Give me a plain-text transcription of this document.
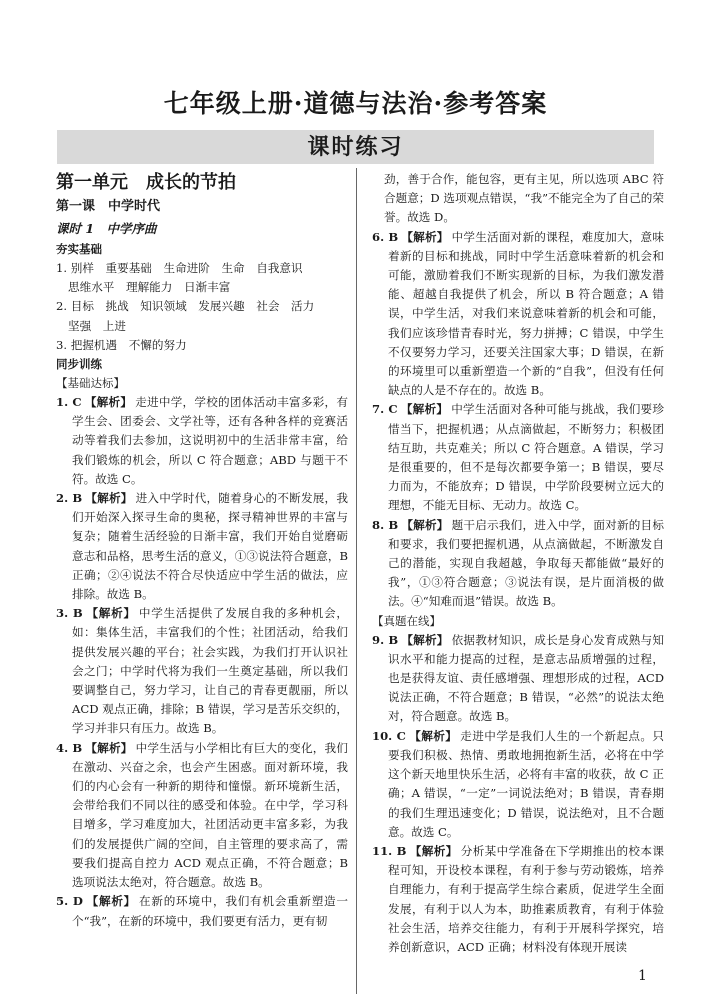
七年级上册·道德与法治·参考答案
课时练习

第一单元　成长的节拍

第一课　中学时代

课时 1　中学序曲

夯实基础

1. 别样　重要基础　生命进阶　生命　自我意识

思维水平　理解能力　日渐丰富

2. 目标　挑战　知识领域　发展兴趣　社会　活力

坚强　上进

3. 把握机遇　不懈的努力

同步训练

【基础达标】

1. C 【解析】 走进中学，学校的团体活动丰富多彩，有学生会、团委会、文学社等，还有各种各样的竞赛活动等着我们去参加，这说明初中的生活非常丰富，给我们锻炼的机会，所以 C 符合题意；ABD 与题干不符。故选 C。

2. B 【解析】 进入中学时代，随着身心的不断发展，我们开始深入探寻生命的奥秘，探寻精神世界的丰富与复杂；随着生活经验的日渐丰富，我们开始自觉磨砺意志和品格，思考生活的意义，①③说法符合题意，B 正确；②④说法不符合尽快适应中学生活的做法，应排除。故选 B。

3. B 【解析】 中学生活提供了发展自我的多种机会，如：集体生活，丰富我们的个性；社团活动，给我们提供发展兴趣的平台；社会实践，为我们打开认识社会之门；中学时代将为我们一生奠定基础，所以我们要调整自己，努力学习，让自己的青春更靓丽，所以 ACD 观点正确，排除；B 错误，学习是苦乐交织的，学习并非只有压力。故选 B。

4. B 【解析】 中学生活与小学相比有巨大的变化，我们在激动、兴奋之余，也会产生困惑。面对新环境，我们的内心会有一种新的期待和憧憬。新环境新生活，会带给我们不同以往的感受和体验。在中学，学习科目增多，学习难度加大，社团活动更丰富多彩，为我们的发展提供广阔的空间，自主管理的要求高了，需要我们提高自控力 ACD 观点正确，不符合题意；B 选项说法太绝对，符合题意。故选 B。

5. D 【解析】 在新的环境中，我们有机会重新塑造一个“我”，在新的环境中，我们要更有活力，更有韧

劲，善于合作，能包容，更有主见，所以选项 ABC 符合题意；D 选项观点错误，“我”不能完全为了自己的荣誉。故选 D。

6. B 【解析】 中学生活面对新的课程，难度加大，意味着新的目标和挑战，同时中学生活意味着新的机会和可能，激励着我们不断实现新的目标，为我们激发潜能、超越自我提供了机会，所以 B 符合题意；A 错误，中学生活，对我们来说意味着新的机会和可能，我们应该珍惜青春时光，努力拼搏；C 错误，中学生不仅要努力学习，还要关注国家大事；D 错误，在新的环境里可以重新塑造一个新的“自我”，但没有任何缺点的人是不存在的。故选 B。

7. C 【解析】 中学生活面对各种可能与挑战，我们要珍惜当下，把握机遇；从点滴做起，不断努力；积极团结互助，共克难关；所以 C 符合题意。A 错误，学习是很重要的，但不是每次都要争第一；B 错误，要尽力而为，不能放弃；D 错误，中学阶段要树立远大的理想，不能无目标、无动力。故选 C。

8. B 【解析】 题干启示我们，进入中学，面对新的目标和要求，我们要把握机遇，从点滴做起，不断激发自己的潜能，实现自我超越，争取每天都能做“最好的我”，①③符合题意；③说法有误，是片面消极的做法。④“知难而退”错误。故选 B。

【真题在线】

9. B 【解析】 依据教材知识，成长是身心发育成熟与知识水平和能力提高的过程，是意志品质增强的过程，也是获得友谊、责任感增强、理想形成的过程，ACD 说法正确，不符合题意；B 错误，“必然”的说法太绝对，符合题意。故选 B。

10. C 【解析】 走进中学是我们人生的一个新起点。只要我们积极、热情、勇敢地拥抱新生活，必将在中学这个新天地里快乐生活，必将有丰富的收获，故 C 正确；A 错误，“一定”一词说法绝对；B 错误，青春期的我们生理迅速变化；D 错误，说法绝对，且不合题意。故选 C。

11. B 【解析】 分析某中学准备在下学期推出的校本课程可知，开设校本课程，有利于参与劳动锻炼，培养自理能力，有利于提高学生综合素质，促进学生全面发展，有利于以人为本，助推素质教育，有利于体验社会生活，培养交往能力，有利于开展科学探究，培养创新意识，ACD 正确；材料没有体现开展读

1
